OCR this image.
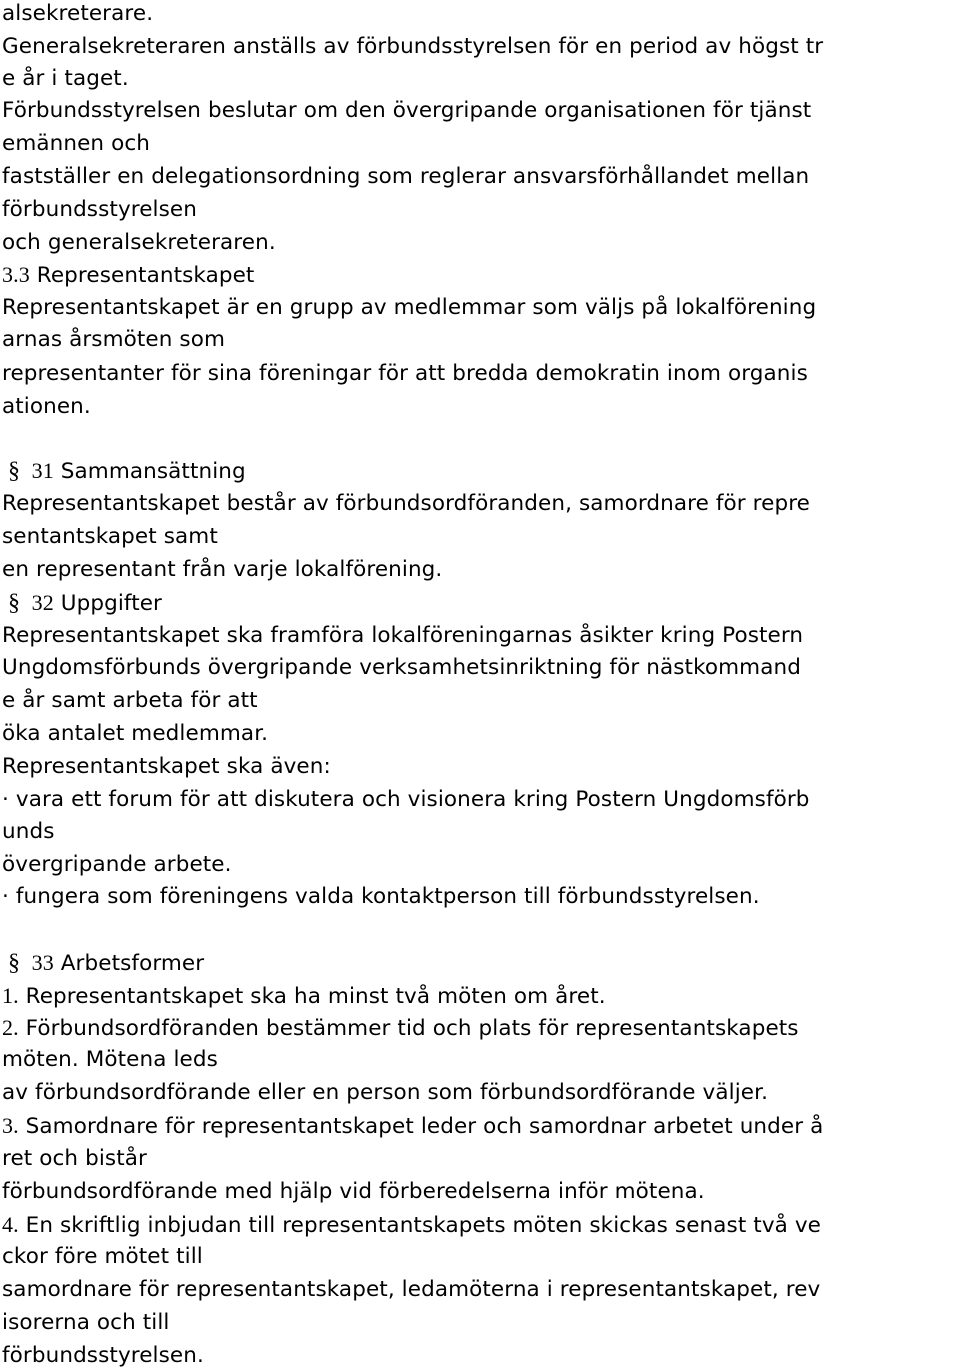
alsekreterare.
Generalsekreteraren anställs av förbundsstyrelsen för en period av högst tr
e år i taget.
Förbundsstyrelsen beslutar om den övergripande organisationen för tjänst
emännen och
fastställer en delegationsordning som reglerar ansvarsförhållandet mellan
förbundsstyrelsen
och generalsekreteraren.
3.3 Representantskapet
Representantskapet är en grupp av medlemmar som väljs på lokalförening
arnas årsmöten som
representanter för sina föreningar för att bredda demokratin inom organis
ationen.
§ 31 Sammansättning
Representantskapet består av förbundsordföranden, samordnare för repre
sentantskapet samt
en representant från varje lokalförening.
§ 32 Uppgifter
Representantskapet ska framföra lokalföreningarnas åsikter kring Postern
Ungdomsförbunds övergripande verksamhetsinriktning för nästkommand
e år samt arbeta för att
öka antalet medlemmar.
Representantskapet ska även:
· vara ett forum för att diskutera och visionera kring Postern Ungdomsförb
unds
övergripande arbete.
· fungera som föreningens valda kontaktperson till förbundsstyrelsen.
§ 33 Arbetsformer
1. Representantskapet ska ha minst två möten om året.
2. Förbundsordföranden bestämmer tid och plats för representantskapets
möten. Mötena leds
av förbundsordförande eller en person som förbundsordförande väljer.
3. Samordnare för representantskapet leder och samordnar arbetet under å
ret och bistår
förbundsordförande med hjälp vid förberedelserna inför mötena.
4. En skriftlig inbjudan till representantskapets möten skickas senast två ve
ckor före mötet till
samordnare för representantskapet, ledamöterna i representantskapet, rev
isorerna och till
förbundsstyrelsen.
